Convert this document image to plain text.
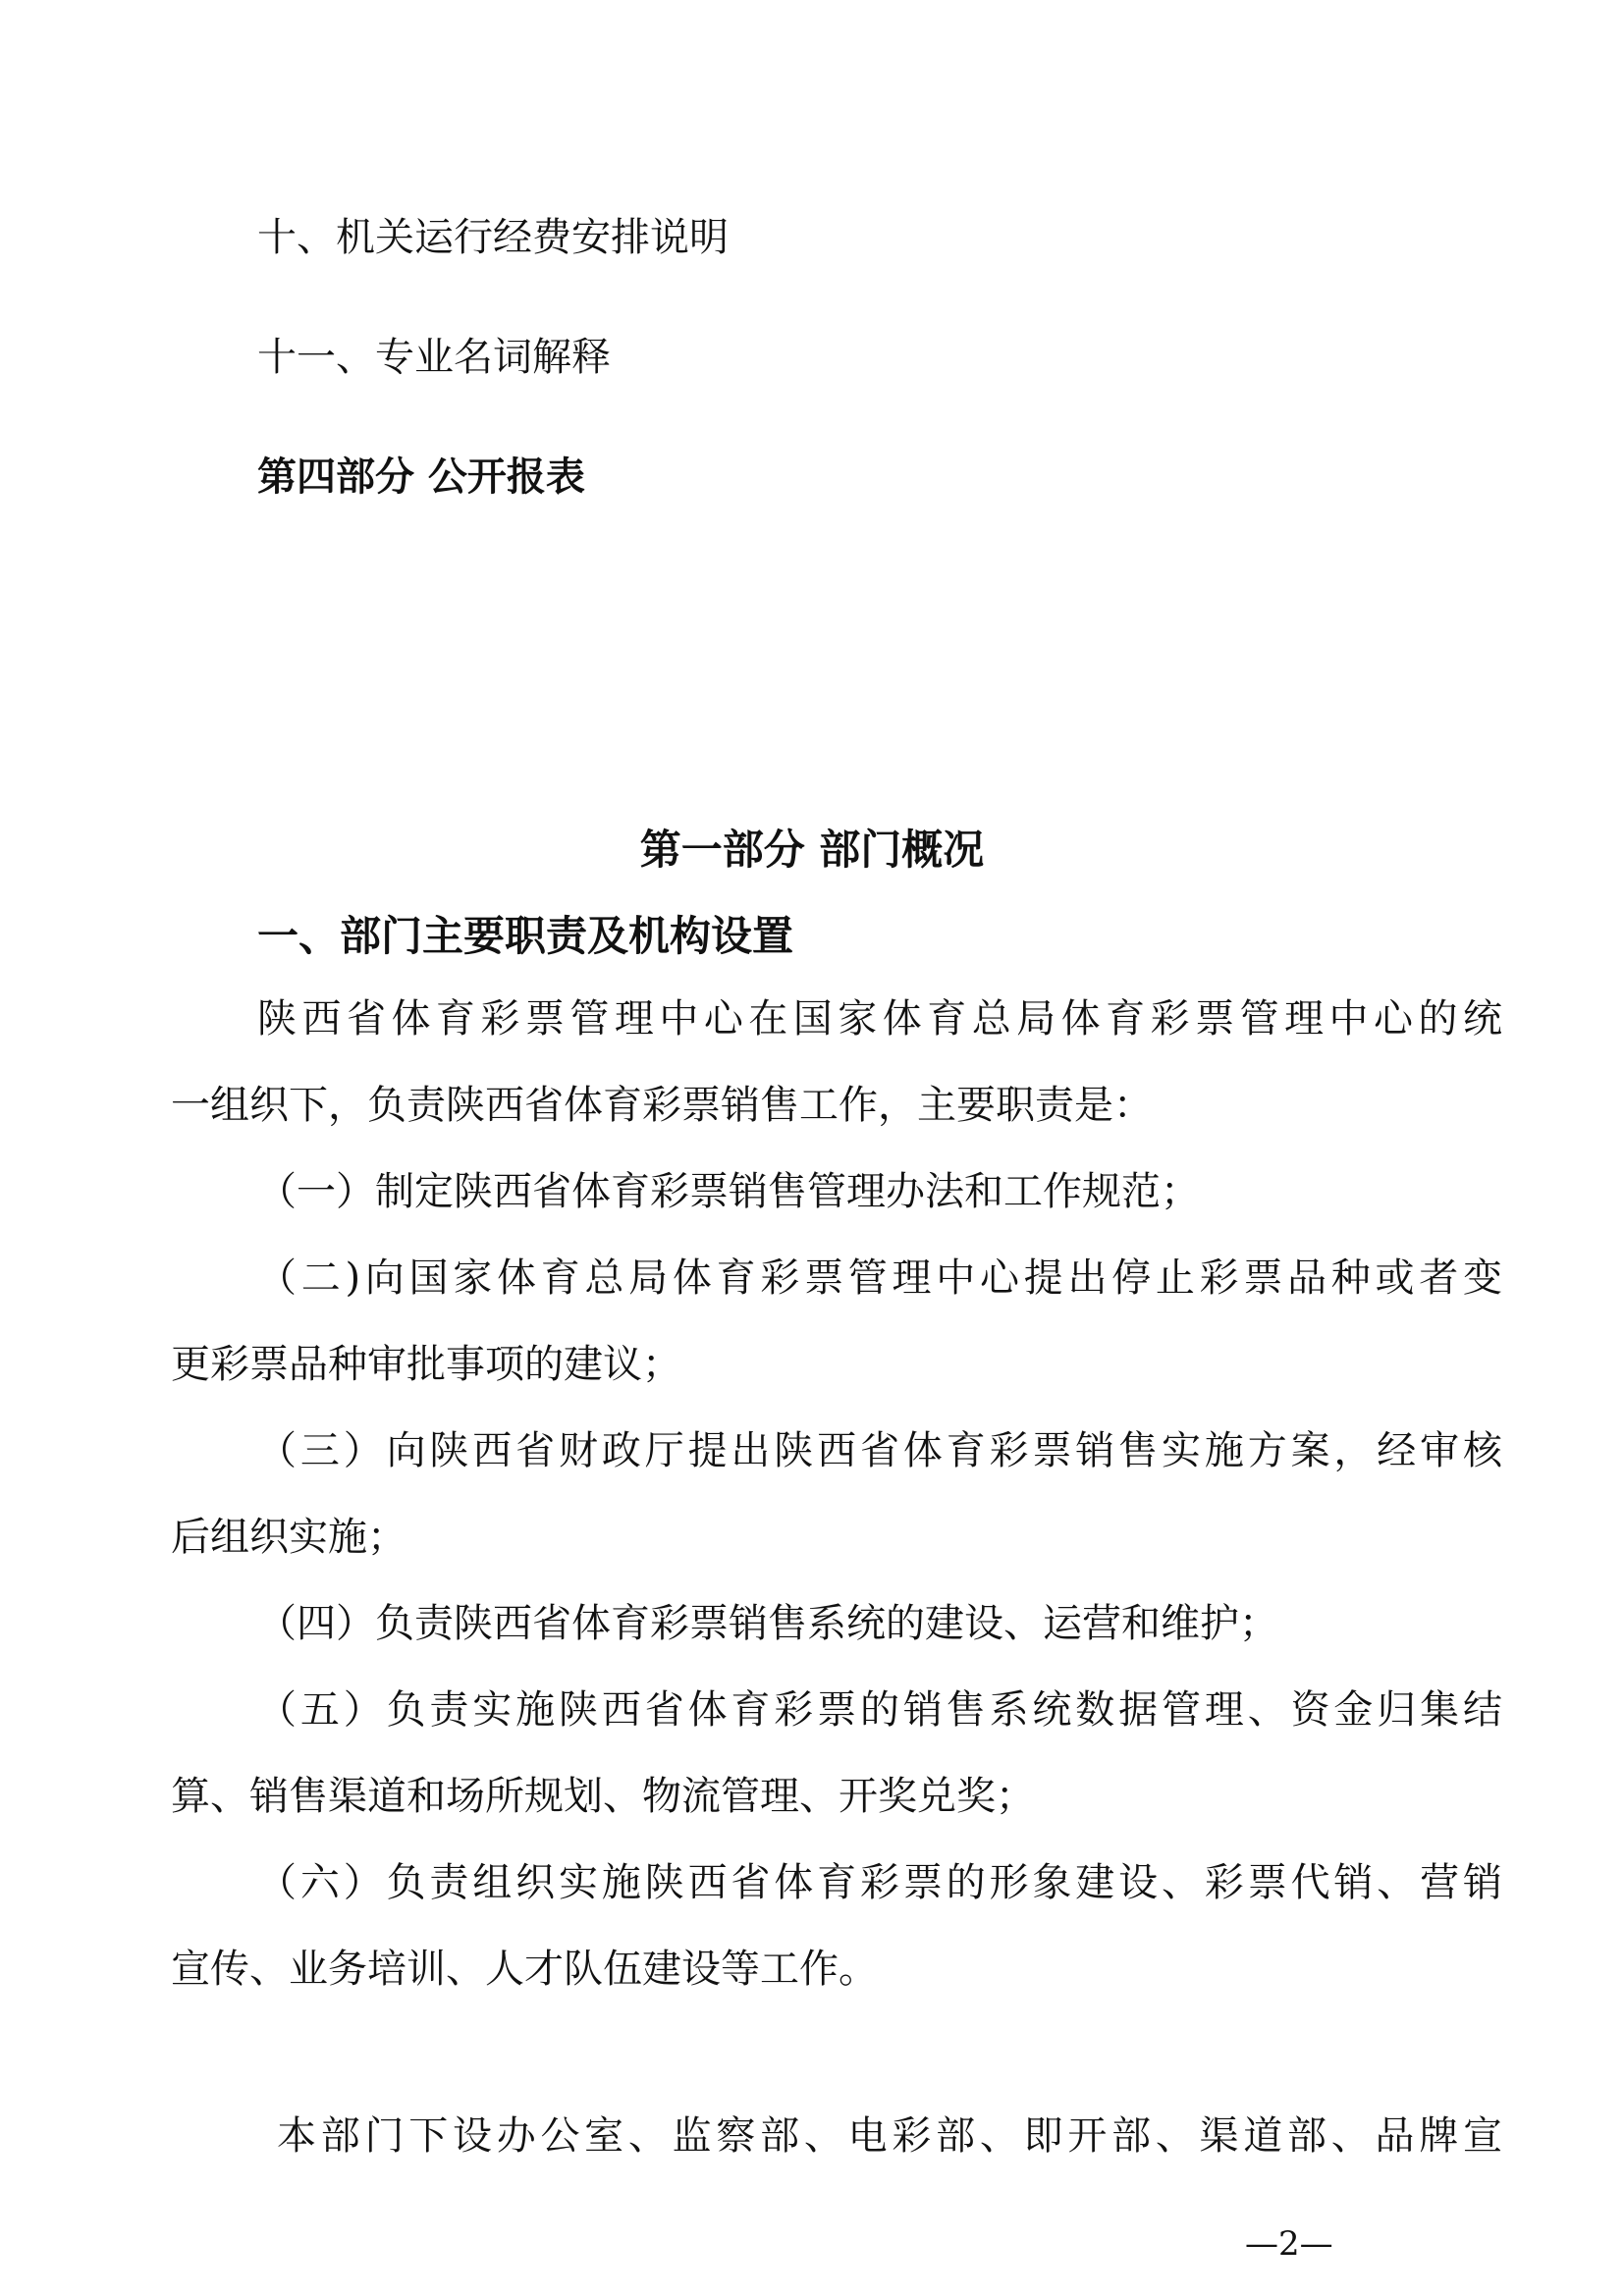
十、机关运行经费安排说明

十一、专业名词解释

第四部分 公开报表

第一部分 部门概况

一、部门主要职责及机构设置

陕西省体育彩票管理中心在国家体育总局体育彩票管理中心的统

一组织下，负责陕西省体育彩票销售工作，主要职责是：

（一）制定陕西省体育彩票销售管理办法和工作规范；

（二)向国家体育总局体育彩票管理中心提出停止彩票品种或者变

更彩票品种审批事项的建议；

（三）向陕西省财政厅提出陕西省体育彩票销售实施方案，经审核

后组织实施；

（四）负责陕西省体育彩票销售系统的建设、运营和维护；

（五）负责实施陕西省体育彩票的销售系统数据管理、资金归集结

算、销售渠道和场所规划、物流管理、开奖兑奖；

（六）负责组织实施陕西省体育彩票的形象建设、彩票代销、营销

宣传、业务培训、人才队伍建设等工作。

本部门下设办公室、监察部、电彩部、即开部、渠道部、品牌宣

—2—
